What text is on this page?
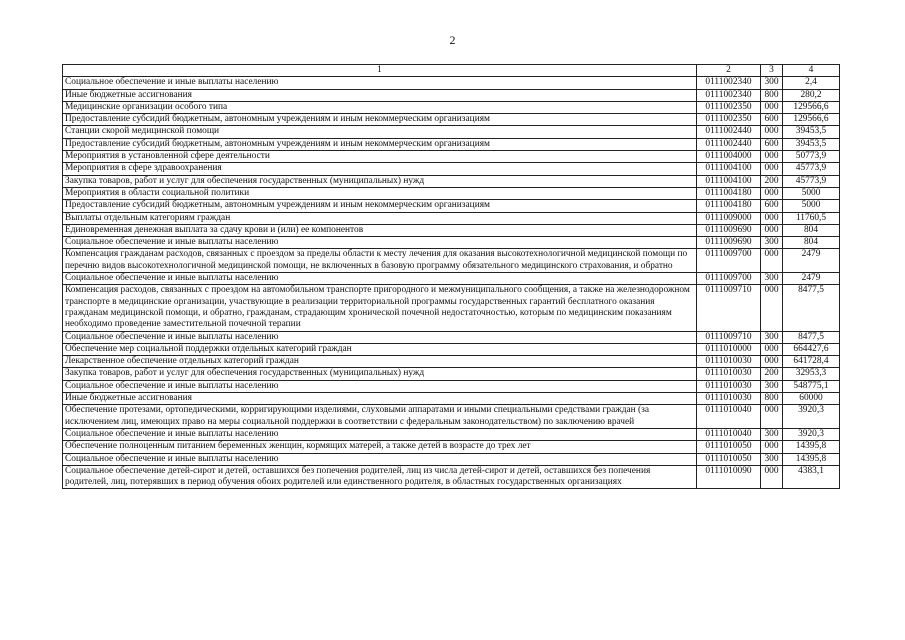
2
1	2	3	4
Социальное обеспечение и иные выплаты населению	0111002340	300	2,4
Иные бюджетные ассигнования	0111002340	800	280,2
Медицинские организации особого типа	0111002350	000	129566,6
Предоставление субсидий бюджетным, автономным учреждениям и иным некоммерческим организациям	0111002350	600	129566,6
Станции скорой медицинской помощи	0111002440	000	39453,5
Предоставление субсидий бюджетным, автономным учреждениям и иным некоммерческим организациям	0111002440	600	39453,5
Мероприятия в установленной сфере деятельности	0111004000	000	50773,9
Мероприятия в сфере здравоохранения	0111004100	000	45773,9
Закупка товаров, работ и услуг для обеспечения государственных (муниципальных) нужд	0111004100	200	45773,9
Мероприятия в области социальной политики	0111004180	000	5000
Предоставление субсидий бюджетным, автономным учреждениям и иным некоммерческим организациям	0111004180	600	5000
Выплаты отдельным категориям граждан	0111009000	000	11760,5
Единовременная денежная выплата за сдачу крови и (или) ее компонентов	0111009690	000	804
Социальное обеспечение и иные выплаты населению	0111009690	300	804
Компенсация гражданам расходов, связанных с проездом за пределы области к месту лечения для оказания высокотехнологичной медицинской помощи по перечню видов высокотехнологичной медицинской помощи, не включенных в базовую программу обязательного медицинского страхования, и обратно	0111009700	000	2479
Социальное обеспечение и иные выплаты населению	0111009700	300	2479
Компенсация расходов, связанных с проездом на автомобильном транспорте пригородного и межмуниципального сообщения, а также на железнодорожном транспорте в медицинские организации, участвующие в реализации территориальной программы государственных гарантий бесплатного оказания гражданам медицинской помощи, и обратно, гражданам, страдающим хронической почечной недостаточностью, которым по медицинским показаниям необходимо проведение заместительной почечной терапии	0111009710	000	8477,5
Социальное обеспечение и иные выплаты населению	0111009710	300	8477,5
Обеспечение мер социальной поддержки отдельных категорий граждан	0111010000	000	664427,6
Лекарственное обеспечение отдельных категорий граждан	0111010030	000	641728,4
Закупка товаров, работ и услуг для обеспечения государственных (муниципальных) нужд	0111010030	200	32953,3
Социальное обеспечение и иные выплаты населению	0111010030	300	548775,1
Иные бюджетные ассигнования	0111010030	800	60000
Обеспечение протезами, ортопедическими, корригирующими изделиями, слуховыми аппаратами и иными специальными средствами граждан (за исключением лиц, имеющих право на меры социальной поддержки в соответствии с федеральным законодательством) по заключению врачей	0111010040	000	3920,3
Социальное обеспечение и иные выплаты населению	0111010040	300	3920,3
Обеспечение полноценным питанием беременных женщин, кормящих матерей, а также детей в возрасте до трех лет	0111010050	000	14395,8
Социальное обеспечение и иные выплаты населению	0111010050	300	14395,8
Социальное обеспечение детей-сирот и детей, оставшихся без попечения родителей, лиц из числа детей-сирот и детей, оставшихся без попечения родителей, лиц, потерявших в период обучения обоих родителей или единственного родителя, в областных государственных организациях	0111010090	000	4383,1
